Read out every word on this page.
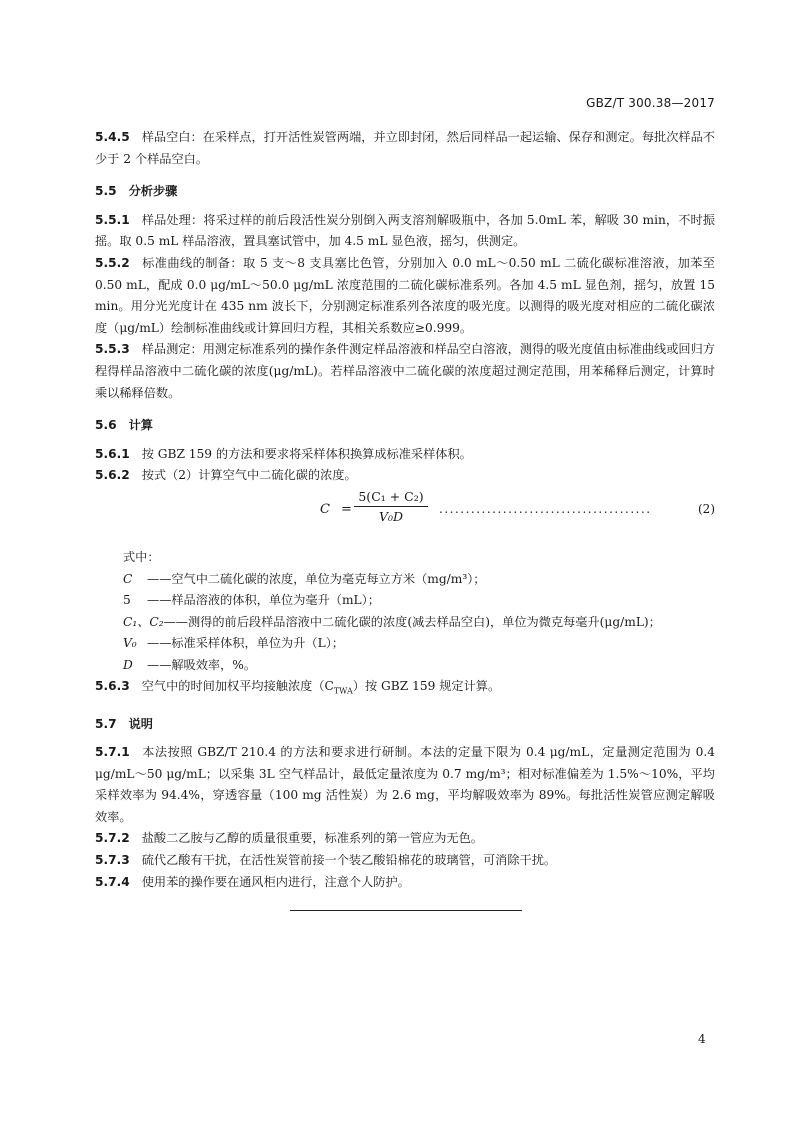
GBZ/T 300.38—2017

5.4.5 样品空白：在采样点，打开活性炭管两端，并立即封闭，然后同样品一起运输、保存和测定。每批次样品不少于 2 个样品空白。

5.5 分析步骤

5.5.1 样品处理：将采过样的前后段活性炭分别倒入两支溶剂解吸瓶中，各加 5.0mL 苯，解吸 30 min，不时振摇。取 0.5 mL 样品溶液，置具塞试管中，加 4.5 mL 显色液，摇匀，供测定。

5.5.2 标准曲线的制备：取 5 支～8 支具塞比色管，分别加入 0.0 mL～0.50 mL 二硫化碳标准溶液，加苯至 0.50 mL，配成 0.0 μg/mL～50.0 μg/mL 浓度范围的二硫化碳标准系列。各加 4.5 mL 显色剂，摇匀，放置 15 min。用分光光度计在 435 nm 波长下，分别测定标准系列各浓度的吸光度。以测得的吸光度对相应的二硫化碳浓度（μg/mL）绘制标准曲线或计算回归方程，其相关系数应≥0.999。

5.5.3 样品测定：用测定标准系列的操作条件测定样品溶液和样品空白溶液，测得的吸光度值由标准曲线或回归方程得样品溶液中二硫化碳的浓度(μg/mL)。若样品溶液中二硫化碳的浓度超过测定范围，用苯稀释后测定，计算时乘以稀释倍数。

5.6 计算

5.6.1 按 GBZ 159 的方法和要求将采样体积换算成标准采样体积。

5.6.2 按式（2）计算空气中二硫化碳的浓度。

$C = \frac{\text{5(C₁ + C₂)}}{\text{V₀D}}$ ........................................	(2)

式中：

C ——空气中二硫化碳的浓度，单位为毫克每立方米（mg/m³）；

5 ——样品溶液的体积，单位为毫升（mL）；

C₁、C₂——测得的前后段样品溶液中二硫化碳的浓度(减去样品空白)，单位为微克每毫升(μg/mL)；

V₀ ——标准采样体积，单位为升（L）；

D ——解吸效率，%。

5.6.3 空气中的时间加权平均接触浓度$(C_{TWA})$按 GBZ 159 规定计算。

5.7 说明

5.7.1 本法按照 GBZ/T 210.4 的方法和要求进行研制。本法的定量下限为 0.4 μg/mL，定量测定范围为 0.4 μg/mL～50 μg/mL；以采集 3L 空气样品计，最低定量浓度为 0.7 mg/m³；相对标准偏差为 1.5%～10%，平均采样效率为 94.4%，穿透容量（100 mg 活性炭）为 2.6 mg，平均解吸效率为 89%。每批活性炭管应测定解吸效率。

5.7.2 盐酸二乙胺与乙醇的质量很重要，标准系列的第一管应为无色。

5.7.3 硫代乙酸有干扰，在活性炭管前接一个装乙酸铅棉花的玻璃管，可消除干扰。

5.7.4 使用苯的操作要在通风柜内进行，注意个人防护。

4
